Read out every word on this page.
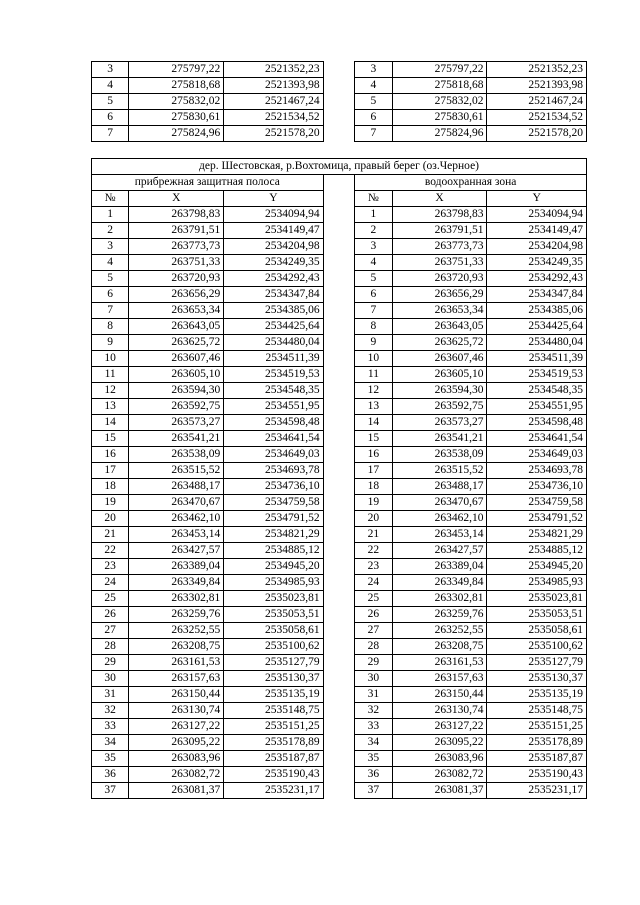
3	275797,22	2521352,23		3	275797,22	2521352,23
4	275818,68	2521393,98		4	275818,68	2521393,98
5	275832,02	2521467,24		5	275832,02	2521467,24
6	275830,61	2521534,52		6	275830,61	2521534,52
7	275824,96	2521578,20		7	275824,96	2521578,20
дер. Шестовская, р.Вохтомица, правый берег (оз.Черное)						
прибрежная защитная полоса				водоохранная зона		
№	X	Y		№	X	Y
1	263798,83	2534094,94		1	263798,83	2534094,94
2	263791,51	2534149,47		2	263791,51	2534149,47
3	263773,73	2534204,98		3	263773,73	2534204,98
4	263751,33	2534249,35		4	263751,33	2534249,35
5	263720,93	2534292,43		5	263720,93	2534292,43
6	263656,29	2534347,84		6	263656,29	2534347,84
7	263653,34	2534385,06		7	263653,34	2534385,06
8	263643,05	2534425,64		8	263643,05	2534425,64
9	263625,72	2534480,04		9	263625,72	2534480,04
10	263607,46	2534511,39		10	263607,46	2534511,39
11	263605,10	2534519,53		11	263605,10	2534519,53
12	263594,30	2534548,35		12	263594,30	2534548,35
13	263592,75	2534551,95		13	263592,75	2534551,95
14	263573,27	2534598,48		14	263573,27	2534598,48
15	263541,21	2534641,54		15	263541,21	2534641,54
16	263538,09	2534649,03		16	263538,09	2534649,03
17	263515,52	2534693,78		17	263515,52	2534693,78
18	263488,17	2534736,10		18	263488,17	2534736,10
19	263470,67	2534759,58		19	263470,67	2534759,58
20	263462,10	2534791,52		20	263462,10	2534791,52
21	263453,14	2534821,29		21	263453,14	2534821,29
22	263427,57	2534885,12		22	263427,57	2534885,12
23	263389,04	2534945,20		23	263389,04	2534945,20
24	263349,84	2534985,93		24	263349,84	2534985,93
25	263302,81	2535023,81		25	263302,81	2535023,81
26	263259,76	2535053,51		26	263259,76	2535053,51
27	263252,55	2535058,61		27	263252,55	2535058,61
28	263208,75	2535100,62		28	263208,75	2535100,62
29	263161,53	2535127,79		29	263161,53	2535127,79
30	263157,63	2535130,37		30	263157,63	2535130,37
31	263150,44	2535135,19		31	263150,44	2535135,19
32	263130,74	2535148,75		32	263130,74	2535148,75
33	263127,22	2535151,25		33	263127,22	2535151,25
34	263095,22	2535178,89		34	263095,22	2535178,89
35	263083,96	2535187,87		35	263083,96	2535187,87
36	263082,72	2535190,43		36	263082,72	2535190,43
37	263081,37	2535231,17		37	263081,37	2535231,17
